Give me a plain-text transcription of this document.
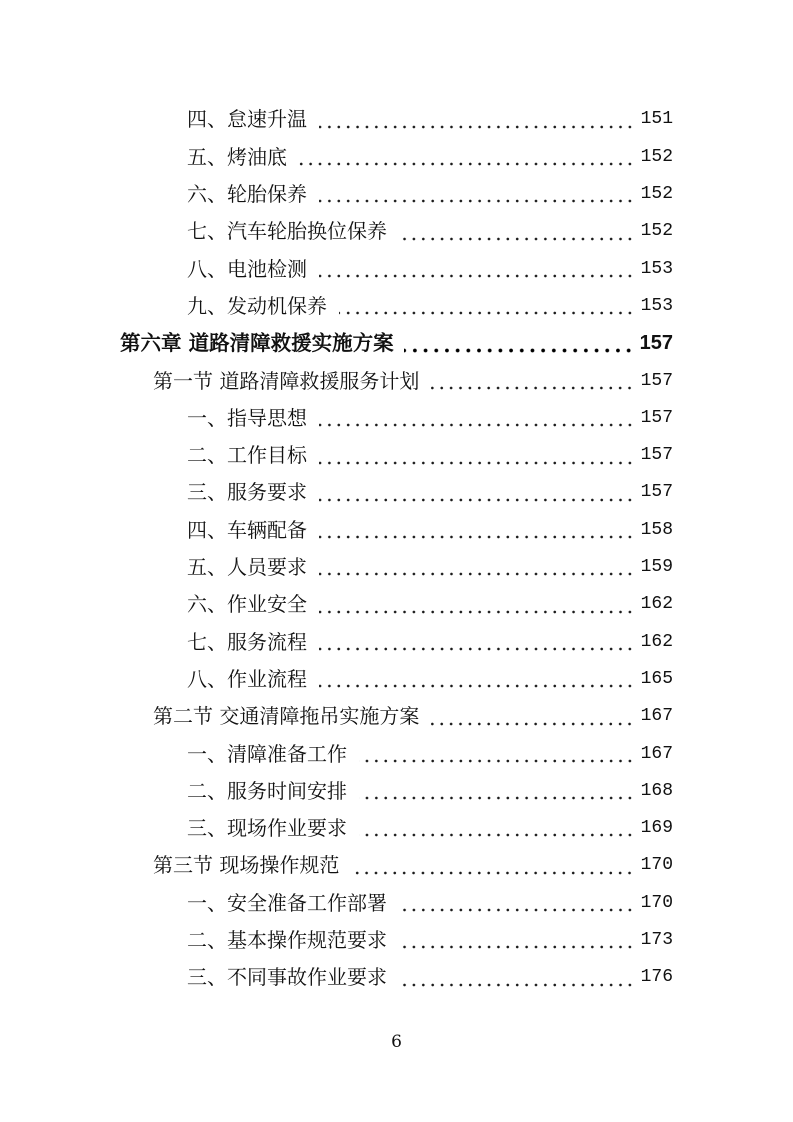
四、怠速升温	151
五、烤油底	152
六、轮胎保养	152
七、汽车轮胎换位保养	152
八、电池检测	153
九、发动机保养	153
第六章 道路清障救援实施方案	157
第一节 道路清障救援服务计划	157
一、指导思想	157
二、工作目标	157
三、服务要求	157
四、车辆配备	158
五、人员要求	159
六、作业安全	162
七、服务流程	162
八、作业流程	165
第二节 交通清障拖吊实施方案	167
一、清障准备工作	167
二、服务时间安排	168
三、现场作业要求	169
第三节 现场操作规范	170
一、安全准备工作部署	170
二、基本操作规范要求	173
三、不同事故作业要求	176
6
